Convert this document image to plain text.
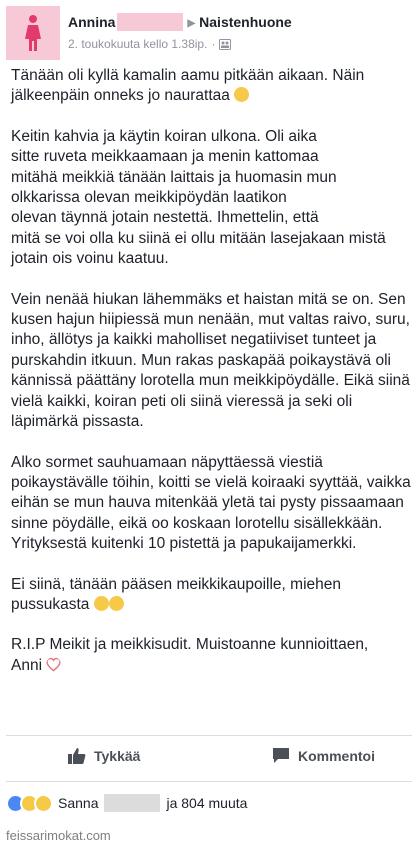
Annina	▶ Naistenhuone
2. toukokuuta kello 1.38ip. ·

Tänään oli kyllä kamalin aamu pitkään aikaan. Näin jälkeenpäin onneks jo naurattaa

Keitin kahvia ja käytin koiran ulkona. Oli aika
sitte ruveta meikkaamaan ja menin kattomaa
mitähä meikkiä tänään laittais ja huomasin mun
olkkarissa olevan meikkipöydän laatikon
olevan täynnä jotain nestettä. Ihmettelin, että
mitä se voi olla ku siinä ei ollu mitään lasejakaan mistä
jotain ois voinu kaatuu.

Vein nenää hiukan lähemmäks et haistan mitä se on. Sen kusen hajun hiipiessä mun nenään, mut valtas raivo, suru, inho, ällötys ja kaikki maholliset negatiiviset tunteet ja purskahdin itkuun. Mun rakas paskapää poikaystävä oli kännissä päättäny lorotella mun meikkipöydälle. Eikä siinä vielä kaikki, koiran peti oli siinä vieressä ja seki oli läpimärkä pissasta.

Alko sormet sauhuamaan näpyttäessä viestiä poikaystävälle töihin, koitti se vielä koiraaki syyttää, vaikka eihän se mun hauva mitenkää yletä tai pysty pissaamaan sinne pöydälle, eikä oo koskaan lorotellu sisällekkään. Yrityksestä kuitenki 10 pistettä ja papukaijamerkki.

Ei siinä, tänään pääsen meikkikaupoille, miehen pussukasta

R.I.P Meikit ja meikkisudit. Muistoanne kunnioittaen,
Anni

Tykkää	Kommentoi
Sanna	ja 804 muuta
feissarimokat.com
